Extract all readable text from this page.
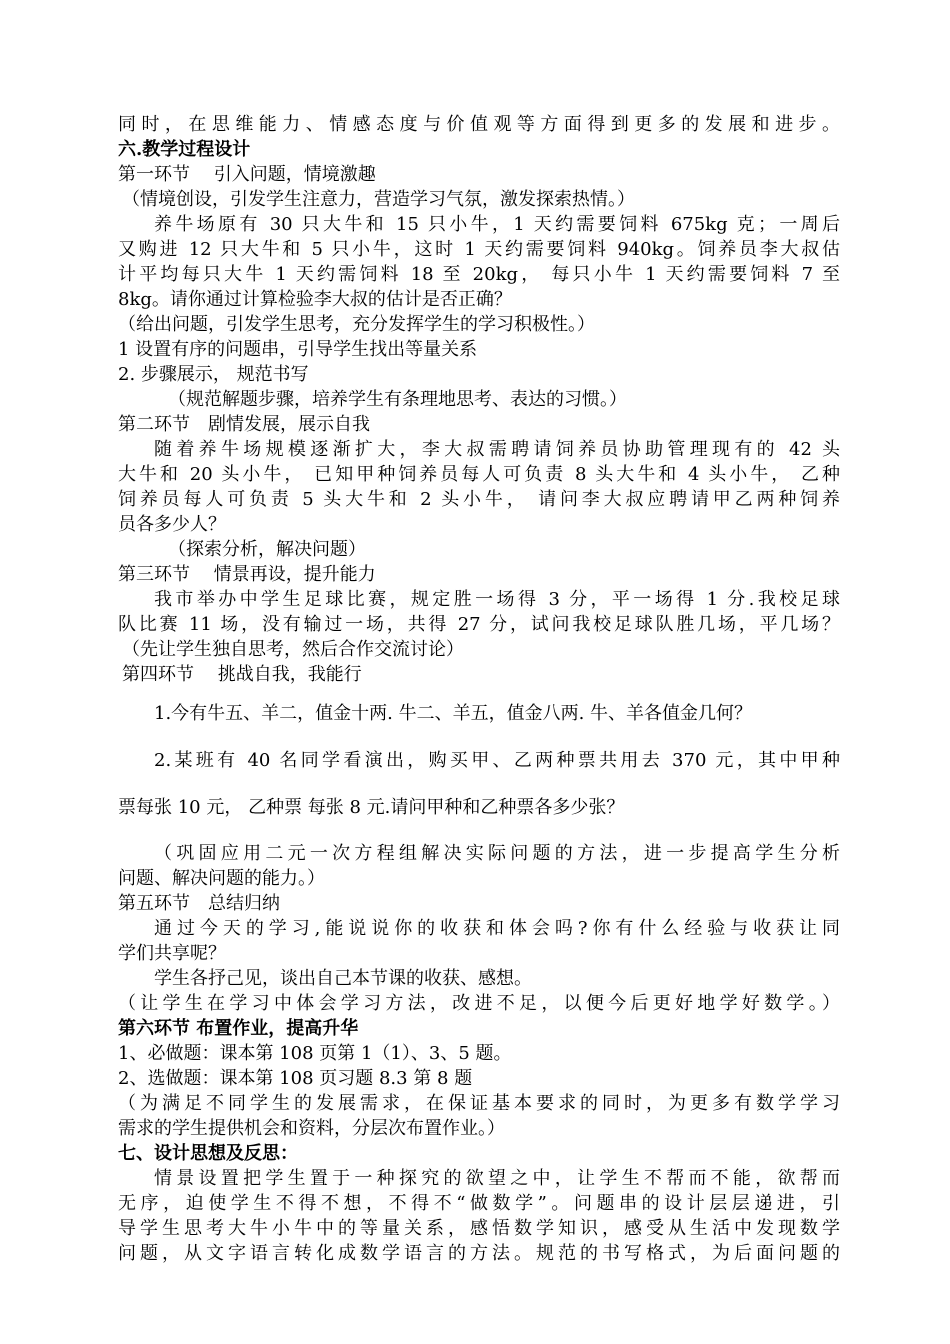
同时，在思维能力、情感态度与价值观等方面得到更多的发展和进步。
六.教学过程设计
第一环节　 引入问题，情境激趣
（情境创设，引发学生注意力，营造学习气氛，激发探索热情。）
养牛场原有 30 只大牛和 15 只小牛，1 天约需要饲料 675kg 克；一周后
又购进 12 只大牛和 5 只小牛，这时 1 天约需要饲料 940kg。饲养员李大叔估
计平均每只大牛 1 天约需饲料 18 至 20kg， 每只小牛 1 天约需要饲料 7 至
8kg。请你通过计算检验李大叔的估计是否正确？
（给出问题，引发学生思考，充分发挥学生的学习积极性。）
1 设置有序的问题串，引导学生找出等量关系
2. 步骤展示， 规范书写
（规范解题步骤，培养学生有条理地思考、表达的习惯。）
第二环节　剧情发展，展示自我
随着养牛场规模逐渐扩大，李大叔需聘请饲养员协助管理现有的 42 头
大牛和 20 头小牛， 已知甲种饲养员每人可负责 8 头大牛和 4 头小牛， 乙种
饲养员每人可负责 5 头大牛和 2 头小牛， 请问李大叔应聘请甲乙两种饲养
员各多少人？
（探索分析，解决问题）
第三环节　 情景再设，提升能力
我市举办中学生足球比赛，规定胜一场得 3 分，平一场得 1 分.我校足球
队比赛 11 场，没有输过一场，共得 27 分，试问我校足球队胜几场，平几场？
（先让学生独自思考，然后合作交流讨论）
第四环节　 挑战自我，我能行
1.今有牛五、羊二，值金十两. 牛二、羊五，值金八两. 牛、羊各值金几何？
2.某班有 40 名同学看演出，购买甲、乙两种票共用去 370 元，其中甲种
票每张 10 元， 乙种票 每张 8 元.请问甲种和乙种票各多少张？
（巩固应用二元一次方程组解决实际问题的方法，进一步提高学生分析
问题、解决问题的能力。）
第五环节　总结归纳
通过今天的学习,能说说你的收获和体会吗?你有什么经验与收获让同
学们共享呢？
学生各抒己见，谈出自己本节课的收获、感想。
（让学生在学习中体会学习方法，改进不足，以便今后更好地学好数学。）
第六环节 布置作业，提高升华
1、必做题：课本第 108 页第 1（1）、3、5 题。
2、选做题：课本第 108 页习题 8.3 第 8 题
（为满足不同学生的发展需求，在保证基本要求的同时，为更多有数学学习
需求的学生提供机会和资料，分层次布置作业。）
七、设计思想及反思：
情景设置把学生置于一种探究的欲望之中，让学生不帮而不能，欲帮而
无序，迫使学生不得不想，不得不“做数学”。问题串的设计层层递进，引
导学生思考大牛小牛中的等量关系，感悟数学知识，感受从生活中发现数学
问题，从文字语言转化成数学语言的方法。规范的书写格式，为后面问题的
